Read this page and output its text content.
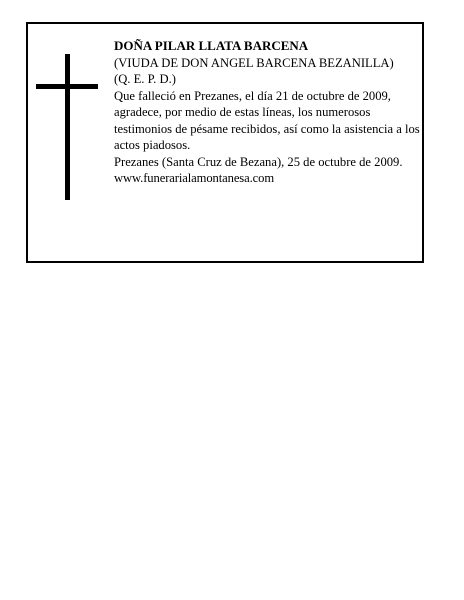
DOÑA PILAR LLATA BARCENA
(VIUDA DE DON ANGEL BARCENA BEZANILLA)
(Q. E. P. D.)

Que falleció en Prezanes, el día 21 de octubre de 2009, agradece, por medio de estas líneas, los numerosos testimonios de pésame recibidos, así como la asistencia a los actos piadosos.

Prezanes (Santa Cruz de Bezana), 25 de octubre de 2009.

www.funerarialamontanesa.com
